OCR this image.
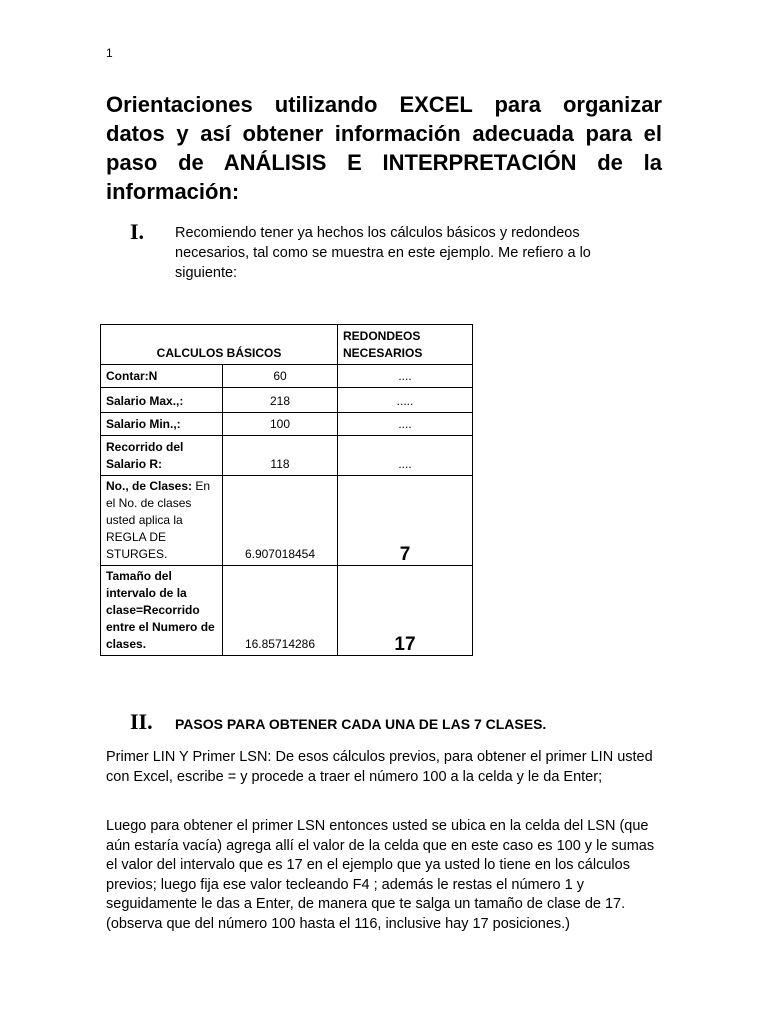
1
Orientaciones utilizando EXCEL para organizar datos y así obtener información adecuada para el paso de ANÁLISIS E INTERPRETACIÓN de la información:
I. Recomiendo tener ya hechos los cálculos básicos y redondeos necesarios, tal como se muestra en este ejemplo. Me refiero a lo siguiente:

CALCULOS BÁSICOS		REDONDEOS NECESARIOS
Contar:N	60	....
Salario Max.,:	218	.....
Salario Min.,:	100	....
Recorrido del Salario R:	118	....
No., de Clases: En el No. de clases usted aplica la REGLA DE STURGES.	6.907018454	7
Tamaño del intervalo de la clase=Recorrido entre el Numero de clases.	16.85714286	17
II. PASOS PARA OBTENER CADA UNA DE LAS 7 CLASES.

Primer LIN Y Primer LSN: De esos cálculos previos, para obtener el primer LIN usted con Excel, escribe = y procede a traer el número 100 a la celda y le da Enter;

Luego para obtener el primer LSN entonces usted se ubica en la celda del LSN (que aún estaría vacía) agrega allí el valor de la celda que en este caso es 100 y le sumas el valor del intervalo que es 17 en el ejemplo que ya usted lo tiene en los cálculos previos; luego fija ese valor tecleando F4 ; además le restas el número 1 y seguidamente le das a Enter, de manera que te salga un tamaño de clase de 17. (observa que del número 100 hasta el 116, inclusive hay 17 posiciones.)
